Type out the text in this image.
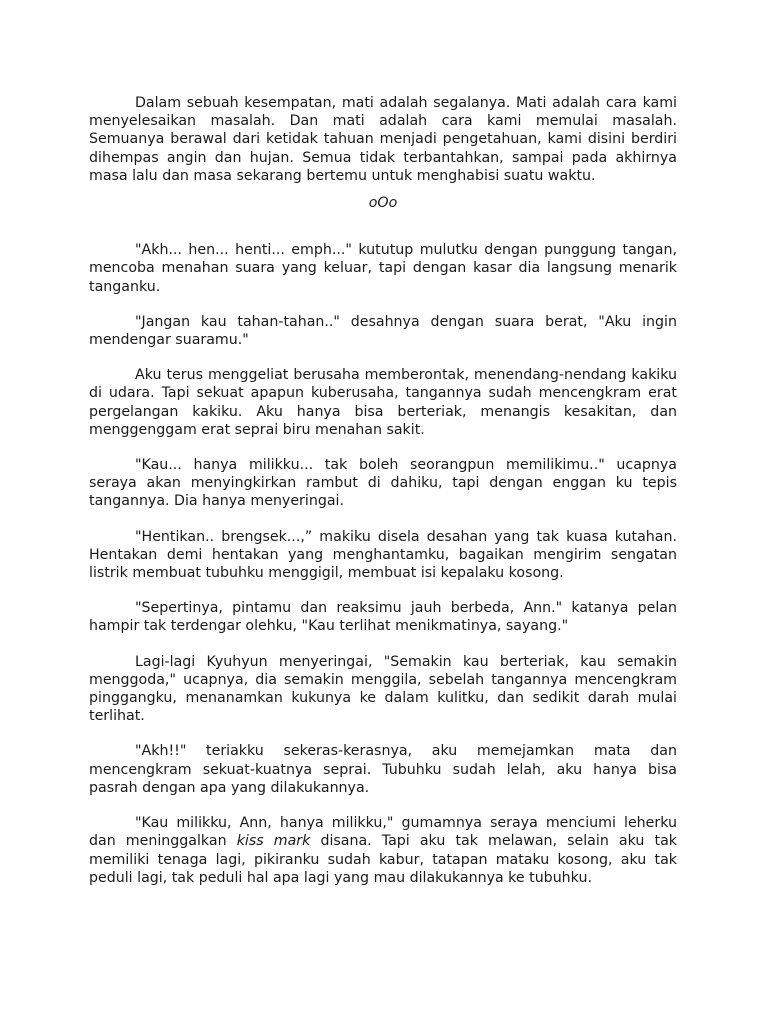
Dalam sebuah kesempatan, mati adalah segalanya. Mati adalah cara kami menyelesaikan masalah. Dan mati adalah cara kami memulai masalah. Semuanya berawal dari ketidak tahuan menjadi pengetahuan, kami disini berdiri dihempas angin dan hujan. Semua tidak terbantahkan, sampai pada akhirnya masa lalu dan masa sekarang bertemu untuk menghabisi suatu waktu.

oOo

"Akh... hen... henti... emph..." kututup mulutku dengan punggung tangan, mencoba menahan suara yang keluar, tapi dengan kasar dia langsung menarik tanganku.

"Jangan kau tahan-tahan.." desahnya dengan suara berat, "Aku ingin mendengar suaramu."

Aku terus menggeliat berusaha memberontak, menendang-nendang kakiku di udara. Tapi sekuat apapun kuberusaha, tangannya sudah mencengkram erat pergelangan kakiku. Aku hanya bisa berteriak, menangis kesakitan, dan menggenggam erat seprai biru menahan sakit.

"Kau... hanya milikku... tak boleh seorangpun memilikimu.." ucapnya seraya akan menyingkirkan rambut di dahiku, tapi dengan enggan ku tepis tangannya. Dia hanya menyeringai.

"Hentikan.. brengsek...,” makiku disela desahan yang tak kuasa kutahan. Hentakan demi hentakan yang menghantamku, bagaikan mengirim sengatan listrik membuat tubuhku menggigil, membuat isi kepalaku kosong.

"Sepertinya, pintamu dan reaksimu jauh berbeda, Ann." katanya pelan hampir tak terdengar olehku, "Kau terlihat menikmatinya, sayang."

Lagi-lagi Kyuhyun menyeringai, "Semakin kau berteriak, kau semakin menggoda," ucapnya, dia semakin menggila, sebelah tangannya mencengkram pinggangku, menanamkan kukunya ke dalam kulitku, dan sedikit darah mulai terlihat.

"Akh!!" teriakku sekeras-kerasnya, aku memejamkan mata dan mencengkram sekuat-kuatnya seprai. Tubuhku sudah lelah, aku hanya bisa pasrah dengan apa yang dilakukannya.

"Kau milikku, Ann, hanya milikku," gumamnya seraya menciumi leherku dan meninggalkan kiss mark disana. Tapi aku tak melawan, selain aku tak memiliki tenaga lagi, pikiranku sudah kabur, tatapan mataku kosong, aku tak peduli lagi, tak peduli hal apa lagi yang mau dilakukannya ke tubuhku.
